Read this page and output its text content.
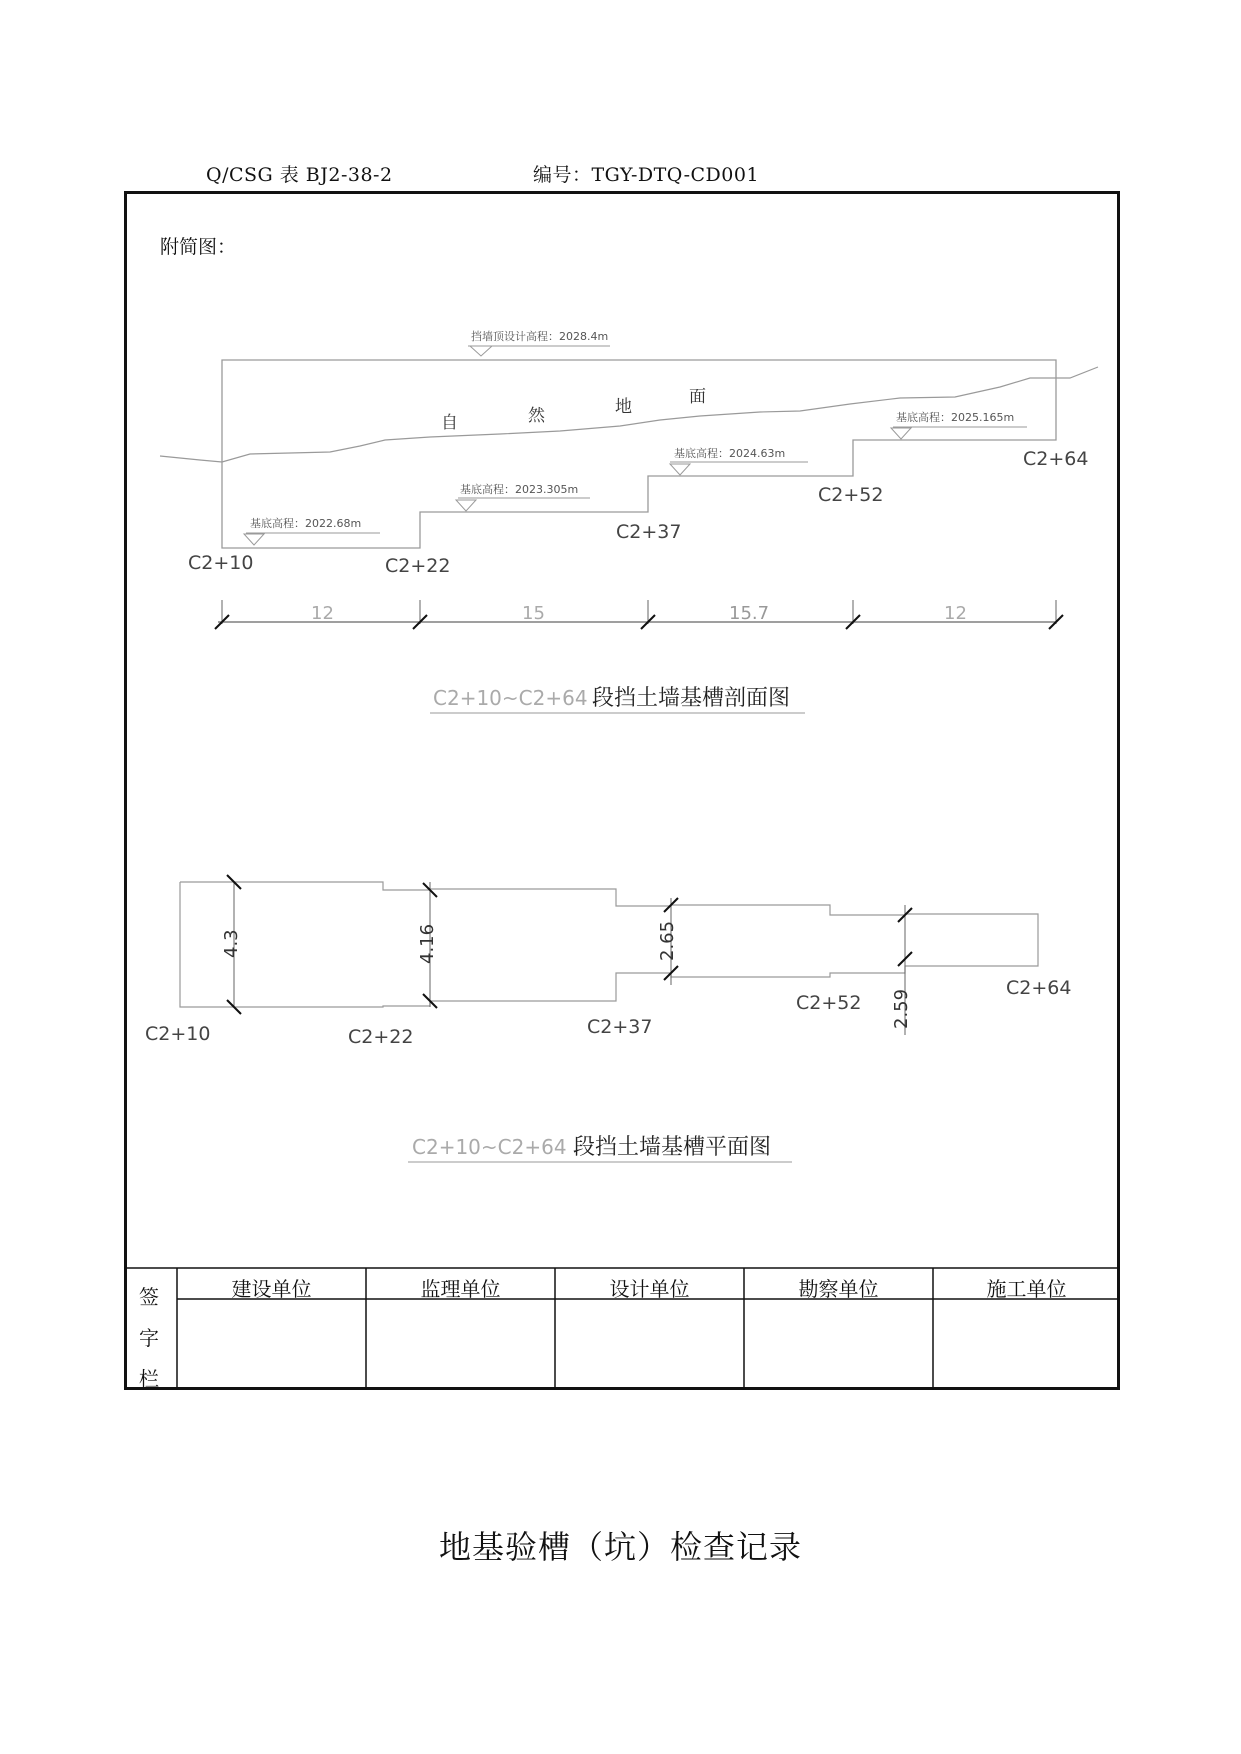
Q/CSG 表 BJ2-38-2	编号：TGY-DTQ-CD001
附简图：
挡墙顶设计高程：2028.4m
基底高程：2022.68m
基底高程：2023.305m
基底高程：2024.63m
基底高程：2025.165m
自	然	地	面
C2+10	C2+22
C2+37
C2+52
C2+64
12	15	15.7	12
C2+10~C2+64 段挡土墙基槽剖面图
4.3	4.16	2.65
2.59
C2+10	C2+22	C2+37
C2+52
C2+64
C2+10~C2+64 段挡土墙基槽平面图
签
字
栏
建设单位	监理单位	设计单位	勘察单位	施工单位
地基验槽（坑）检查记录
